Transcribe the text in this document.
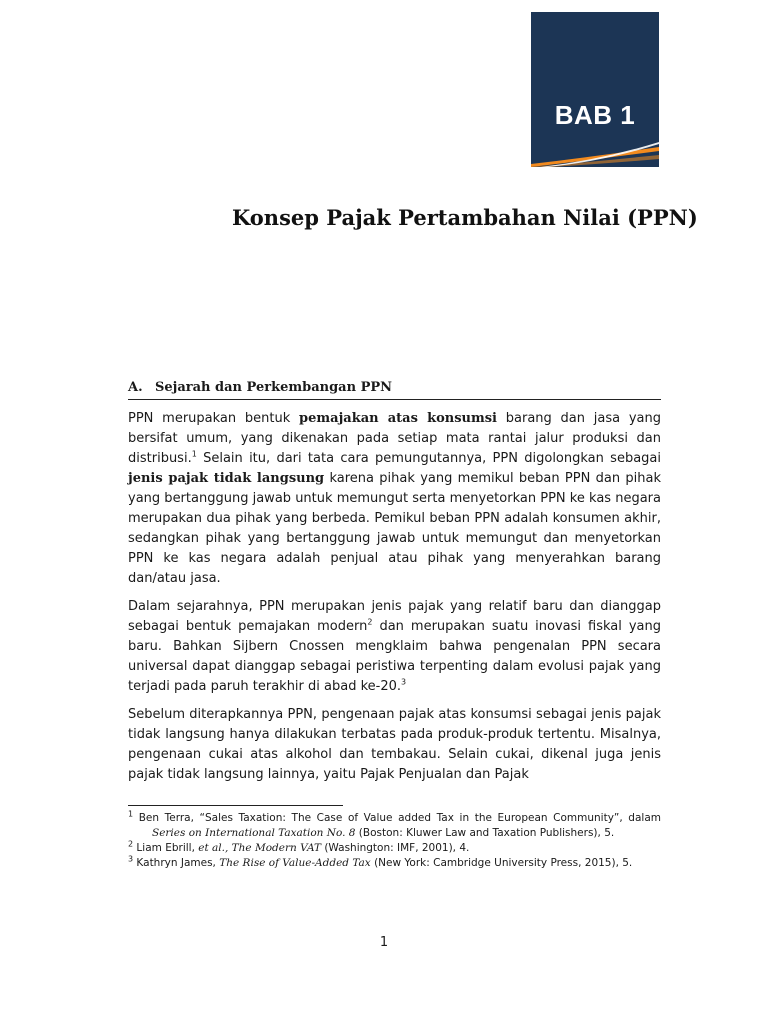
BAB 1
Konsep Pajak Pertambahan Nilai (PPN)
A. Sejarah dan Perkembangan PPN

PPN merupakan bentuk pemajakan atas konsumsi barang dan jasa yang bersifat umum, yang dikenakan pada setiap mata rantai jalur produksi dan distribusi.$^1$ Selain itu, dari tata cara pemungutannya, PPN digolongkan sebagai jenis pajak tidak langsung karena pihak yang memikul beban PPN dan pihak yang bertanggung jawab untuk memungut serta menyetorkan PPN ke kas negara merupakan dua pihak yang berbeda. Pemikul beban PPN adalah konsumen akhir, sedangkan pihak yang bertanggung jawab untuk memungut dan menyetorkan PPN ke kas negara adalah penjual atau pihak yang menyerahkan barang dan/atau jasa.

Dalam sejarahnya, PPN merupakan jenis pajak yang relatif baru dan dianggap sebagai bentuk pemajakan modern$^2$ dan merupakan suatu inovasi fiskal yang baru. Bahkan Sijbern Cnossen mengklaim bahwa pengenalan PPN secara universal dapat dianggap sebagai peristiwa terpenting dalam evolusi pajak yang terjadi pada paruh terakhir di abad ke-20.$^3$

Sebelum diterapkannya PPN, pengenaan pajak atas konsumsi sebagai jenis pajak tidak langsung hanya dilakukan terbatas pada produk-produk tertentu. Misalnya, pengenaan cukai atas alkohol dan tembakau. Selain cukai, dikenal juga jenis pajak tidak langsung lainnya, yaitu Pajak Penjualan dan Pajak

$^1$ Ben Terra, “Sales Taxation: The Case of Value added Tax in the European Community”, dalam Series on International Taxation No. 8 (Boston: Kluwer Law and Taxation Publishers), 5.

$^2$ Liam Ebrill, et al., The Modern VAT (Washington: IMF, 2001), 4.

$^3$ Kathryn James, The Rise of Value-Added Tax (New York: Cambridge University Press, 2015), 5.

1
